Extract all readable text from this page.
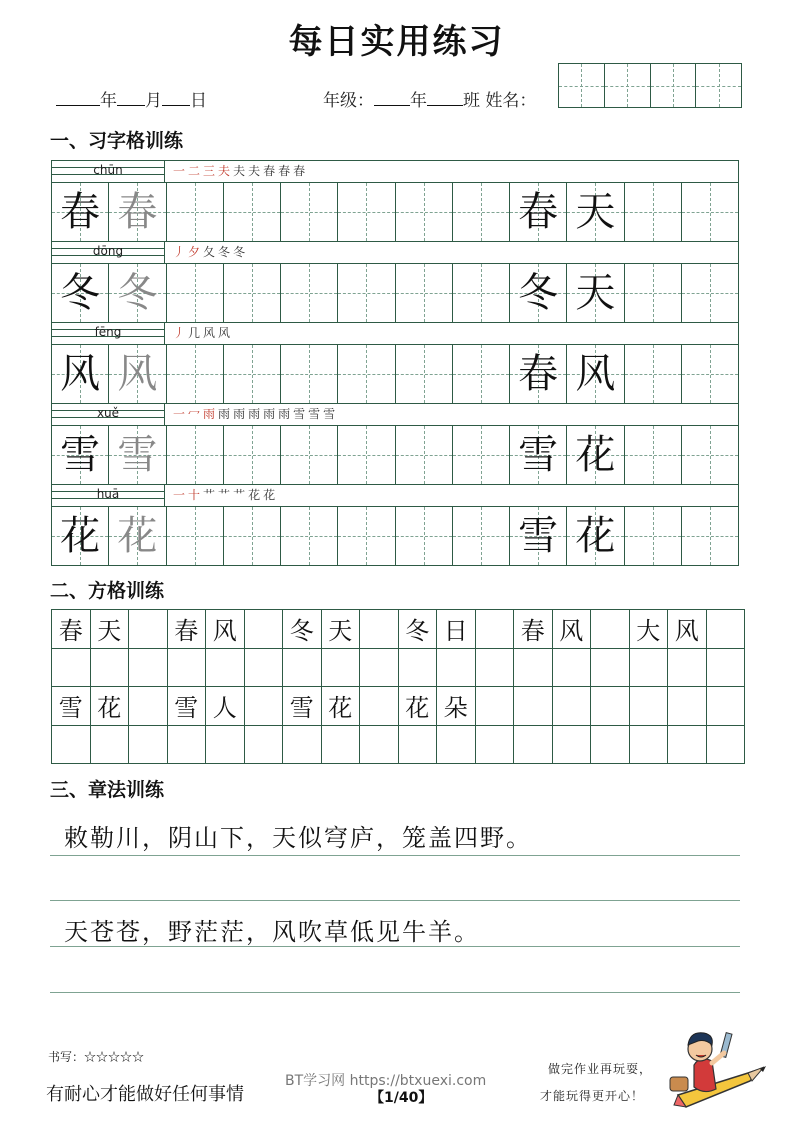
每日实用练习
年 月 日	年级： 年 班 姓名：
一、习字格训练
chūn	一二三夫夫夫春春春
春 春	春 天
dōng	丿夕夂冬冬
冬 冬	冬 天
fēng	丿几风风
风 风	春 风
xuě	一冖雨雨雨雨雨雨雪雪雪
雪 雪	雪 花
huā	一十艹艹艹花花
花 花	雪 花
二、方格训练
春 天	春 风	冬 天	冬 日	春 风	大 风
雪 花	雪 人	雪 花	花 朵
三、章法训练
敕勒川，阴山下，天似穹庐，笼盖四野。
天苍苍，野茫茫，风吹草低见牛羊。
书写：☆☆☆☆☆
有耐心才能做好任何事情
BT学习网 https://btxuexi.com
【1/40】
做完作业再玩耍，
才能玩得更开心！
